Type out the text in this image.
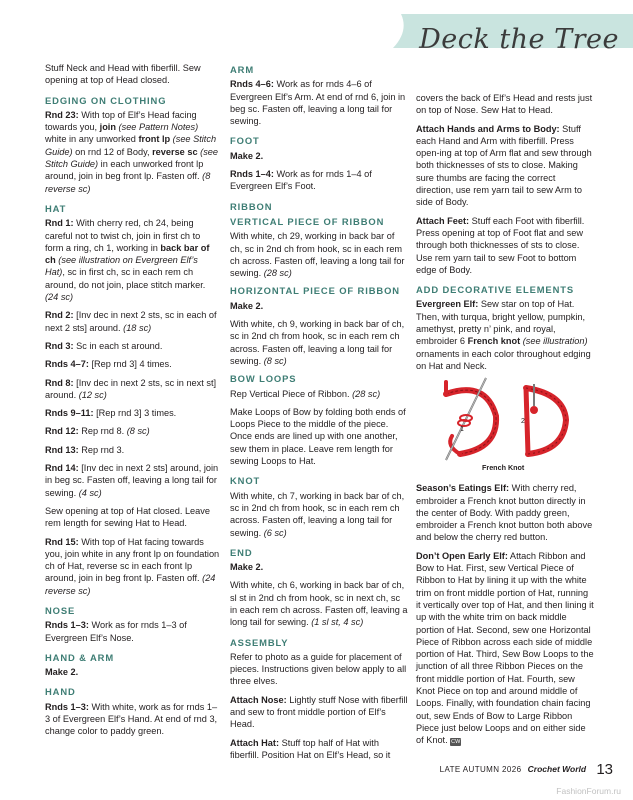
Deck the Tree
Stuff Neck and Head with fiberfill. Sew opening at top of Head closed.
EDGING ON CLOTHING
Rnd 23: With top of Elf’s Head facing towards you, join (see Pattern Notes) white in any unworked front lp (see Stitch Guide) on rnd 12 of Body, reverse sc (see Stitch Guide) in each unworked front lp around, join in beg front lp. Fasten off. (8 reverse sc)
HAT
Rnd 1: With cherry red, ch 24, being careful not to twist ch, join in first ch to form a ring, ch 1, working in back bar of ch (see illustration on Evergreen Elf’s Hat), sc in first ch, sc in each rem ch around, do not join, place stitch marker. (24 sc)
Rnd 2: [Inv dec in next 2 sts, sc in each of next 2 sts] around. (18 sc)
Rnd 3: Sc in each st around.
Rnds 4–7: [Rep rnd 3] 4 times.
Rnd 8: [Inv dec in next 2 sts, sc in next st] around. (12 sc)
Rnds 9–11: [Rep rnd 3] 3 times.
Rnd 12: Rep rnd 8. (8 sc)
Rnd 13: Rep rnd 3.
Rnd 14: [Inv dec in next 2 sts] around, join in beg sc. Fasten off, leaving a long tail for sewing. (4 sc)
Sew opening at top of Hat closed. Leave rem length for sewing Hat to Head.
Rnd 15: With top of Hat facing towards you, join white in any front lp on foundation ch of Hat, reverse sc in each front lp around, join in beg front lp. Fasten off. (24 reverse sc)
NOSE
Rnds 1–3: Work as for rnds 1–3 of Evergreen Elf’s Nose.
HAND & ARM
Make 2.
HAND
Rnds 1–3: With white, work as for rnds 1–3 of Evergreen Elf’s Hand. At end of rnd 3, change color to paddy green.
ARM
Rnds 4–6: Work as for rnds 4–6 of Evergreen Elf’s Arm. At end of rnd 6, join in beg sc. Fasten off, leaving a long tail for sewing.
FOOT
Make 2.
Rnds 1–4: Work as for rnds 1–4 of Evergreen Elf’s Foot.
RIBBON
VERTICAL PIECE OF RIBBON
With white, ch 29, working in back bar of ch, sc in 2nd ch from hook, sc in each rem ch across. Fasten off, leaving a long tail for sewing. (28 sc)
HORIZONTAL PIECE OF RIBBON
Make 2.
With white, ch 9, working in back bar of ch, sc in 2nd ch from hook, sc in each rem ch across. Fasten off, leaving a long tail for sewing. (8 sc)
BOW LOOPS
Rep Vertical Piece of Ribbon. (28 sc)
Make Loops of Bow by folding both ends of Loops Piece to the middle of the piece. Once ends are lined up with one another, sew them in place. Leave rem length for sewing Loops to Hat.
KNOT
With white, ch 7, working in back bar of ch, sc in 2nd ch from hook, sc in each rem ch across. Fasten off, leaving a long tail for sewing. (6 sc)
END
Make 2.
With white, ch 6, working in back bar of ch, sl st in 2nd ch from hook, sc in next ch, sc in each rem ch across. Fasten off, leaving a long tail for sewing. (1 sl st, 4 sc)
ASSEMBLY
Refer to photo as a guide for placement of pieces. Instructions given below apply to all three elves.
Attach Nose: Lightly stuff Nose with fiberfill and sew to front middle portion of Elf’s Head.
Attach Hat: Stuff top half of Hat with fiberfill. Position Hat on Elf’s Head, so it
covers the back of Elf’s Head and rests just on top of Nose. Sew Hat to Head.
Attach Hands and Arms to Body: Stuff each Hand and Arm with fiberfill. Press open-ing at top of Arm flat and sew through both thicknesses of sts to close. Making sure thumbs are facing the correct direction, use rem yarn tail to sew Arm to side of Body.
Attach Feet: Stuff each Foot with fiberfill. Press opening at top of Foot flat and sew through both thicknesses of sts to close. Use rem yarn tail to sew Foot to bottom edge of Body.
ADD DECORATIVE ELEMENTS
Evergreen Elf: Sew star on top of Hat. Then, with turqua, bright yellow, pumpkin, amethyst, pretty n’ pink, and royal, embroider 6 French knot (see illustration) ornaments in each color throughout edging on Hat and Neck.
1
2
French Knot
Season’s Eatings Elf: With cherry red, embroider a French knot button directly in the center of Body. With paddy green, embroider a French knot button both above and below the cherry red button.
Don’t Open Early Elf: Attach Ribbon and Bow to Hat. First, sew Vertical Piece of Ribbon to Hat by lining it up with the white trim on front middle portion of Hat, running it vertically over top of Hat, and then lining it up with the white trim on back middle portion of Hat. Second, sew one Horizontal Piece of Ribbon across each side of middle portion of Hat. Third, Sew Bow Loops to the junction of all three Ribbon Pieces on the front middle portion of Hat. Fourth, sew Knot Piece on top and around middle of Loops. Finally, with foundation chain facing out, sew Ends of Bow to Large Ribbon Piece just below Loops and on either side of Knot. CW
LATE AUTUMN 2026 Crochet World 13
FashionForum.ru
